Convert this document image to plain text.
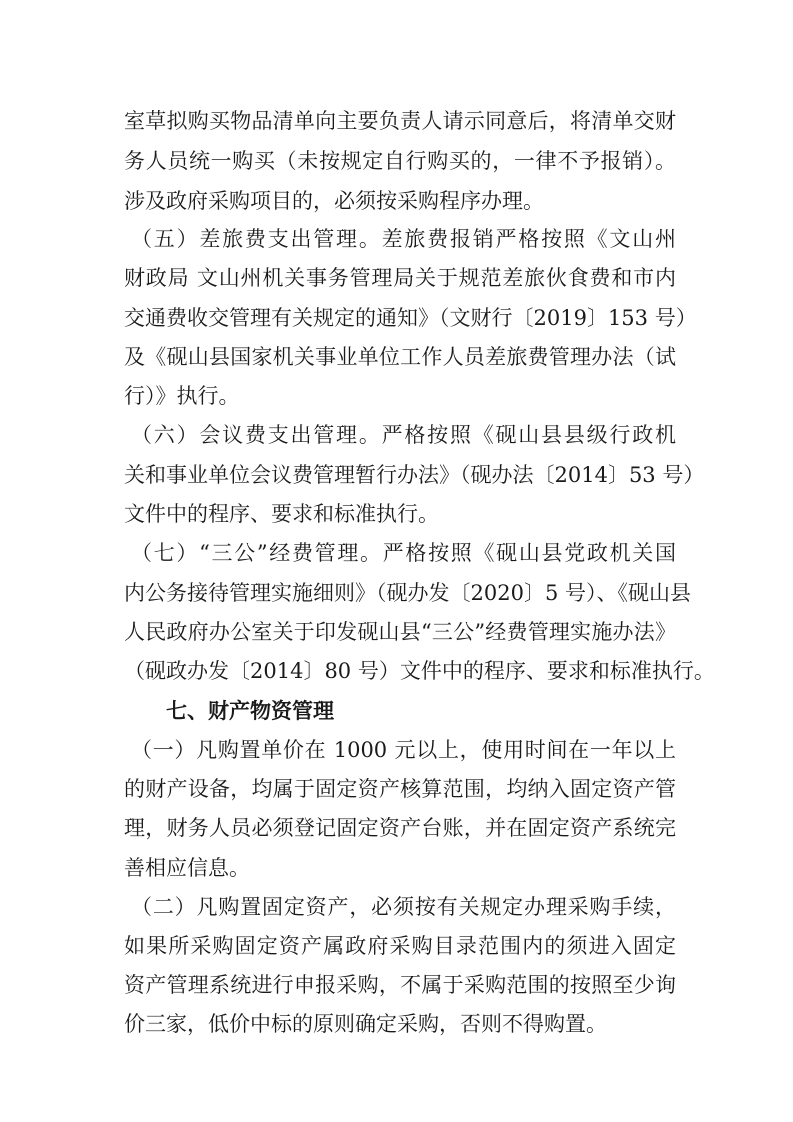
室草拟购买物品清单向主要负责人请示同意后，将清单交财
务人员统一购买（未按规定自行购买的，一律不予报销）。
涉及政府采购项目的，必须按采购程序办理。
（五）差旅费支出管理。差旅费报销严格按照《文山州
财政局 文山州机关事务管理局关于规范差旅伙食费和市内
交通费收交管理有关规定的通知》（文财行〔2019〕153 号）
及《砚山县国家机关事业单位工作人员差旅费管理办法（试
行）》执行。
（六）会议费支出管理。严格按照《砚山县县级行政机
关和事业单位会议费管理暂行办法》（砚办法〔2014〕53 号）
文件中的程序、要求和标准执行。
（七）“三公”经费管理。严格按照《砚山县党政机关国
内公务接待管理实施细则》（砚办发〔2020〕5 号）、《砚山县
人民政府办公室关于印发砚山县“三公”经费管理实施办法》
（砚政办发〔2014〕80 号）文件中的程序、要求和标准执行。
七、财产物资管理
（一）凡购置单价在 1000 元以上，使用时间在一年以上
的财产设备，均属于固定资产核算范围，均纳入固定资产管
理，财务人员必须登记固定资产台账，并在固定资产系统完
善相应信息。
（二）凡购置固定资产，必须按有关规定办理采购手续，
如果所采购固定资产属政府采购目录范围内的须进入固定
资产管理系统进行申报采购，不属于采购范围的按照至少询
价三家，低价中标的原则确定采购，否则不得购置。
